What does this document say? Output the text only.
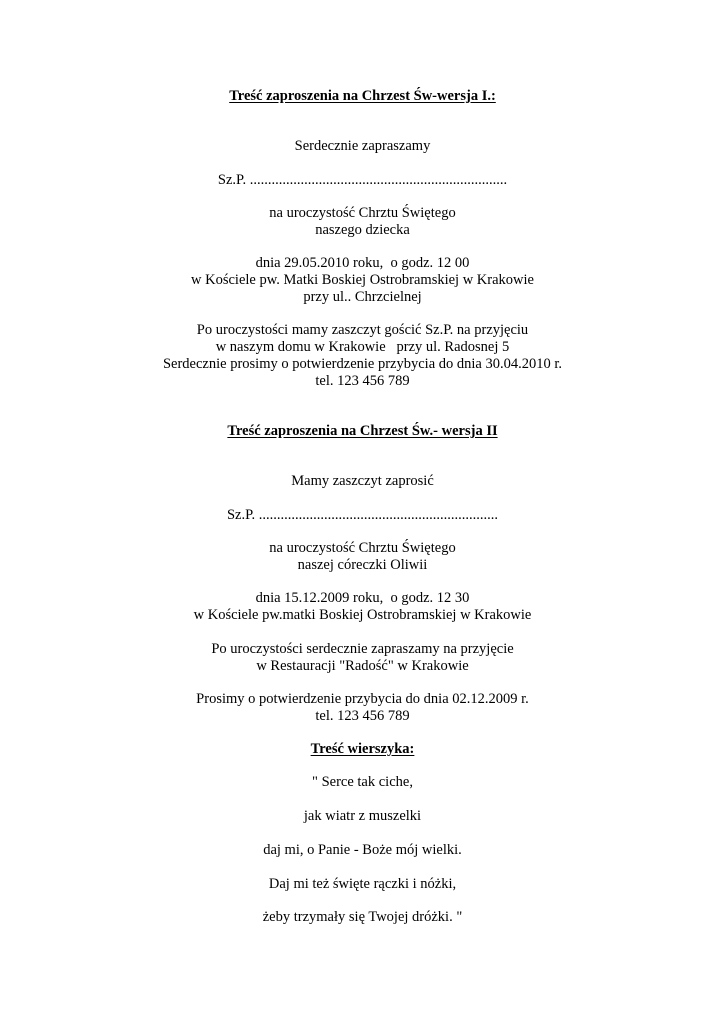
Treść zaproszenia na Chrzest Św-wersja I.:
Serdecznie zapraszamy
Sz.P. .......................................................................
na uroczystość Chrztu Świętego
naszego dziecka
dnia 29.05.2010 roku,  o godz. 12 00
w Kościele pw. Matki Boskiej Ostrobramskiej w Krakowie
przy ul.. Chrzcielnej
Po uroczystości mamy zaszczyt gościć Sz.P. na przyjęciu
w naszym domu w Krakowie   przy ul. Radosnej 5
Serdecznie prosimy o potwierdzenie przybycia do dnia 30.04.2010 r.
tel. 123 456 789
Treść zaproszenia na Chrzest Św.- wersja II
Mamy zaszczyt zaprosić
Sz.P. ..................................................................
na uroczystość Chrztu Świętego
naszej córeczki Oliwii
dnia 15.12.2009 roku,  o godz. 12 30
w Kościele pw.matki Boskiej Ostrobramskiej w Krakowie
Po uroczystości serdecznie zapraszamy na przyjęcie
w Restauracji "Radość" w Krakowie
Prosimy o potwierdzenie przybycia do dnia 02.12.2009 r.
tel. 123 456 789
Treść wierszyka:
" Serce tak ciche,
jak wiatr z muszelki
daj mi, o Panie - Boże mój wielki.
Daj mi też święte rączki i nóżki,
żeby trzymały się Twojej dróżki. "
